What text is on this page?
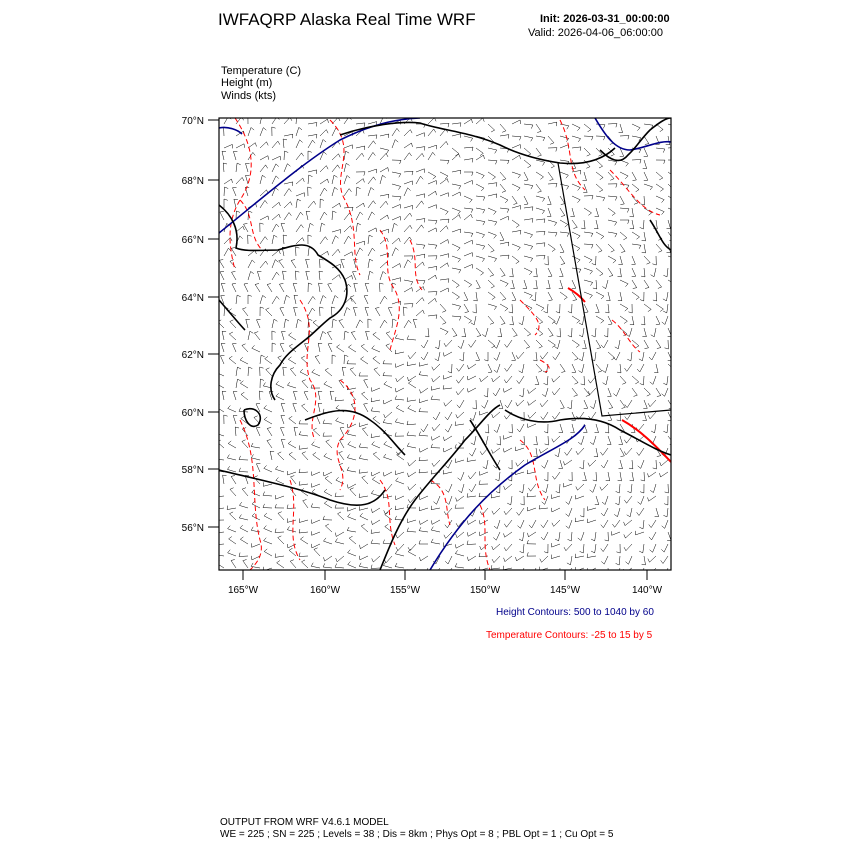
IWFAQRP Alaska Real Time WRF	Init: 2026-03-31_00:00:00
Valid: 2026-04-06_06:00:00
Temperature (C)
Height (m)
Winds (kts)
70°N
68°N
66°N
64°N
62°N
60°N
58°N
56°N
165°W	160°W	155°W	150°W	145°W	140°W
Height Contours: 500 to 1040 by 60
Temperature Contours: -25 to 15 by 5
OUTPUT FROM WRF V4.6.1 MODEL
WE = 225 ; SN = 225 ; Levels = 38 ; Dis = 8km ; Phys Opt = 8 ; PBL Opt = 1 ; Cu Opt = 5
